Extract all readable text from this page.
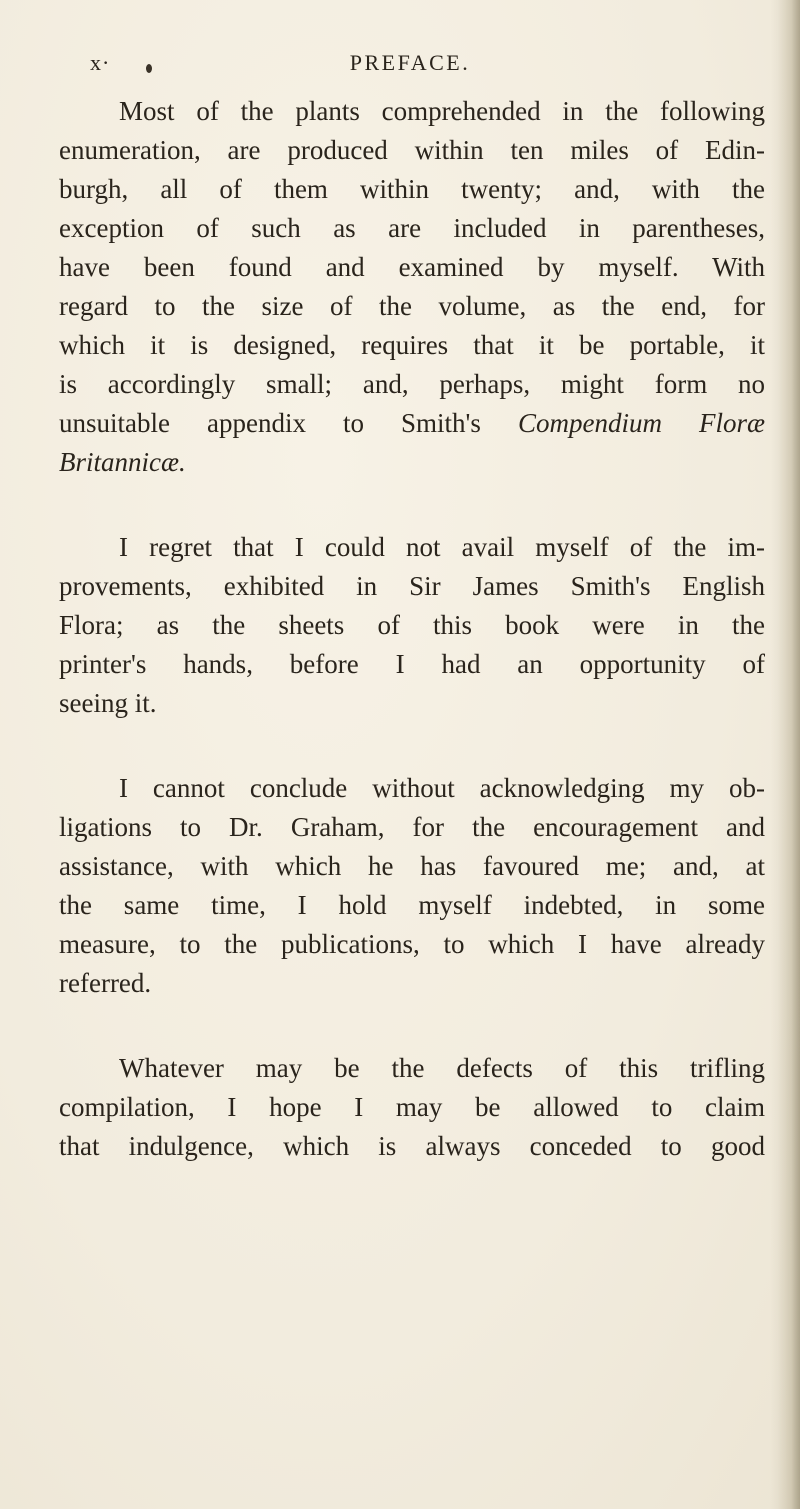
x·	PREFACE.
Most of the plants comprehended in the following
enumeration, are produced within ten miles of Edin-
burgh, all of them within twenty; and, with the
exception of such as are included in parentheses,
have been found and examined by myself. With
regard to the size of the volume, as the end, for
which it is designed, requires that it be portable, it
is accordingly small; and, perhaps, might form no
unsuitable appendix to Smith's Compendium Floræ
Britannicæ.
I regret that I could not avail myself of the im-
provements, exhibited in Sir James Smith's English
Flora; as the sheets of this book were in the
printer's hands, before I had an opportunity of
seeing it.
I cannot conclude without acknowledging my ob-
ligations to Dr. Graham, for the encouragement and
assistance, with which he has favoured me; and, at
the same time, I hold myself indebted, in some
measure, to the publications, to which I have already
referred.
Whatever may be the defects of this trifling
compilation, I hope I may be allowed to claim
that indulgence, which is always conceded to good
